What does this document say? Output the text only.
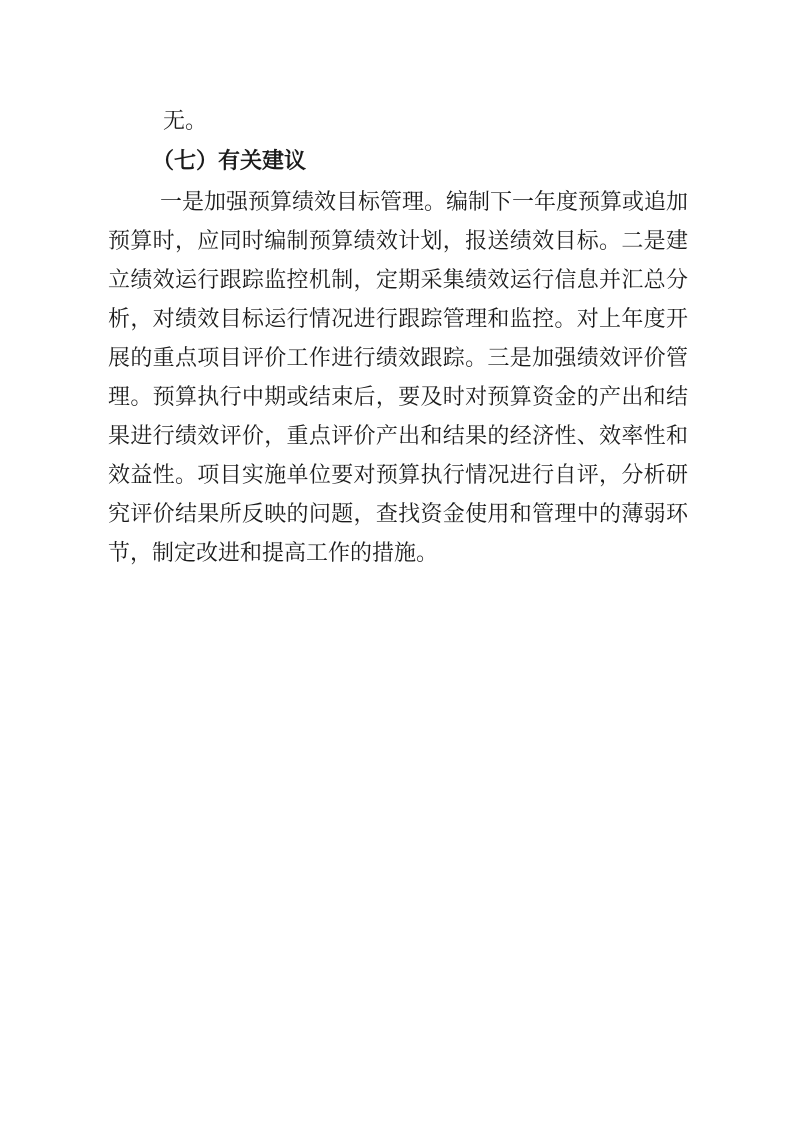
无。
（七）有关建议
一是加强预算绩效目标管理。编制下一年度预算或追加
预算时，应同时编制预算绩效计划，报送绩效目标。二是建
立绩效运行跟踪监控机制，定期采集绩效运行信息并汇总分
析，对绩效目标运行情况进行跟踪管理和监控。对上年度开
展的重点项目评价工作进行绩效跟踪。三是加强绩效评价管
理。预算执行中期或结束后，要及时对预算资金的产出和结
果进行绩效评价，重点评价产出和结果的经济性、效率性和
效益性。项目实施单位要对预算执行情况进行自评，分析研
究评价结果所反映的问题，查找资金使用和管理中的薄弱环
节，制定改进和提高工作的措施。
